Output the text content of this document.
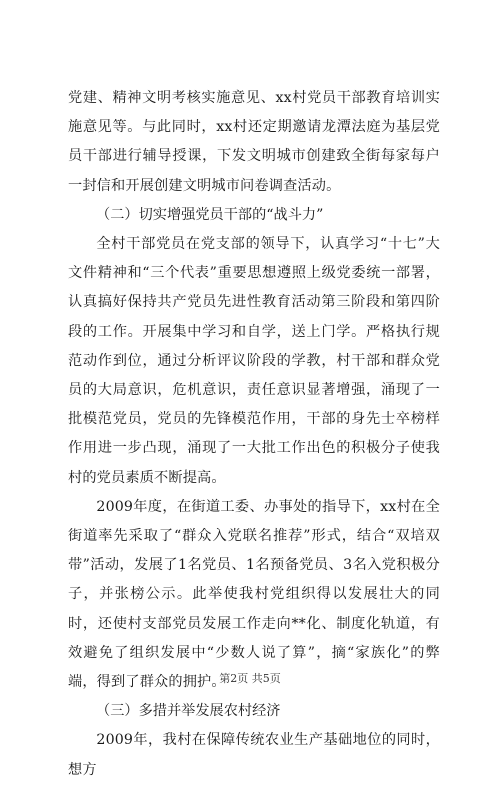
党建、精神文明考核实施意见、xx村党员干部教育培训实施意见等。与此同时，xx村还定期邀请龙潭法庭为基层党员干部进行辅导授课，下发文明城市创建致全街每家每户一封信和开展创建文明城市问卷调查活动。

（二）切实增强党员干部的“战斗力”

全村干部党员在党支部的领导下，认真学习“十七”大文件精神和“三个代表”重要思想遵照上级党委统一部署，认真搞好保持共产党员先进性教育活动第三阶段和第四阶段的工作。开展集中学习和自学，送上门学。严格执行规范动作到位，通过分析评议阶段的学教，村干部和群众党员的大局意识，危机意识，责任意识显著增强，涌现了一批模范党员，党员的先锋模范作用，干部的身先士卒榜样作用进一步凸现，涌现了一大批工作出色的积极分子使我村的党员素质不断提高。

2009年度，在街道工委、办事处的指导下，xx村在全街道率先采取了“群众入党联名推荐”形式，结合“双培双带”活动，发展了1名党员、1名预备党员、3名入党积极分子，并张榜公示。此举使我村党组织得以发展壮大的同时，还使村支部党员发展工作走向**化、制度化轨道，有效避免了组织发展中“少数人说了算”，摘“家族化”的弊端，得到了群众的拥护。

（三）多措并举发展农村经济

2009年，我村在保障传统农业生产基础地位的同时，想方

第2页 共5页
